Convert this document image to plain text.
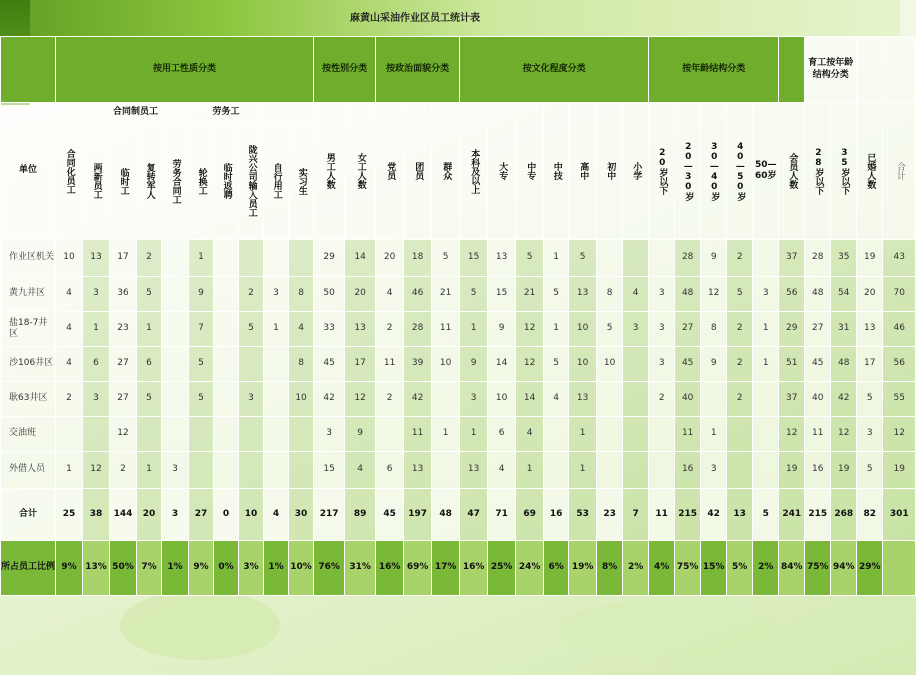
麻黄山采油作业区员工统计表
	按用工性质分类										按性别分类		按政治面貌分类			按文化程度分类							按年龄结构分类						育工按年龄结构分类			
单位	合同化员工	合同制员工				劳务工					男工人数	女工人数	党员	团员	群众	本科及以上	大专	中专	中技	高中	初中	小学	20岁以下	20—30岁	30—40岁	40—50岁	50—60岁	会员人数	28岁以下	35岁以下	已婚人数	合计
		两新员工	临时工	复转军人	劳务合同工	轮换工	临时返聘	陇兴公司输入员工	自行用工	实习生																						
作业区机关	10	13	17	2		1					29	14	20	18	5	15	13	5	1	5				28	9	2		37	28	35	19	43
黄九井区	4	3	36	5		9		2	3	8	50	20	4	46	21	5	15	21	5	13	8	4	3	48	12	5	3	56	48	54	20	70
盐18-7井区	4	1	23	1		7		5	1	4	33	13	2	28	11	1	9	12	1	10	5	3	3	27	8	2	1	29	27	31	13	46
沙106井区	4	6	27	6		5				8	45	17	11	39	10	9	14	12	5	10	10		3	45	9	2	1	51	45	48	17	56
耿63井区	2	3	27	5		5		3		10	42	12	2	42		3	10	14	4	13			2	40		2		37	40	42	5	55
交油班			12								3	9		11	1	1	6	4		1				11	1			12	11	12	3	12
外借人员	1	12	2	1	3						15	4	6	13		13	4	1		1				16	3			19	16	19	5	19
合计	25	38	144	20	3	27	0	10	4	30	217	89	45	197	48	47	71	69	16	53	23	7	11	215	42	13	5	241	215	268	82	301
所占员工比例	9%	13%	50%	7%	1%	9%	0%	3%	1%	10%	76%	31%	16%	69%	17%	16%	25%	24%	6%	19%	8%	2%	4%	75%	15%	5%	2%	84%	75%	94%	29%	
